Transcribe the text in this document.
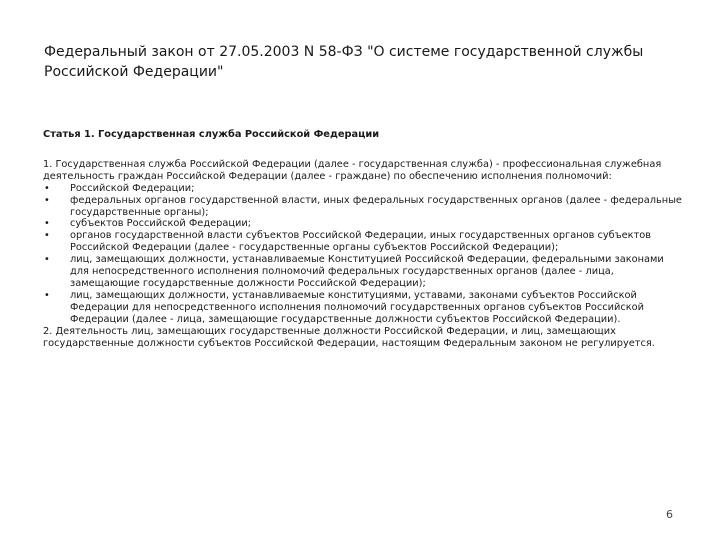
Федеральный закон от 27.05.2003 N 58-ФЗ "О системе государственной службы Российской Федерации"

Статья 1. Государственная служба Российской Федерации

1. Государственная служба Российской Федерации (далее - государственная служба) - профессиональная служебная деятельность граждан Российской Федерации (далее - граждане) по обеспечению исполнения полномочий:

• Российской Федерации;
• федеральных органов государственной власти, иных федеральных государственных органов (далее - федеральные государственные органы);
• субъектов Российской Федерации;
• органов государственной власти субъектов Российской Федерации, иных государственных органов субъектов Российской Федерации (далее - государственные органы субъектов Российской Федерации);
• лиц, замещающих должности, устанавливаемые Конституцией Российской Федерации, федеральными законами для непосредственного исполнения полномочий федеральных государственных органов (далее - лица, замещающие государственные должности Российской Федерации);
• лиц, замещающих должности, устанавливаемые конституциями, уставами, законами субъектов Российской Федерации для непосредственного исполнения полномочий государственных органов субъектов Российской Федерации (далее - лица, замещающие государственные должности субъектов Российской Федерации).

2. Деятельность лиц, замещающих государственные должности Российской Федерации, и лиц, замещающих государственные должности субъектов Российской Федерации, настоящим Федеральным законом не регулируется.

6
